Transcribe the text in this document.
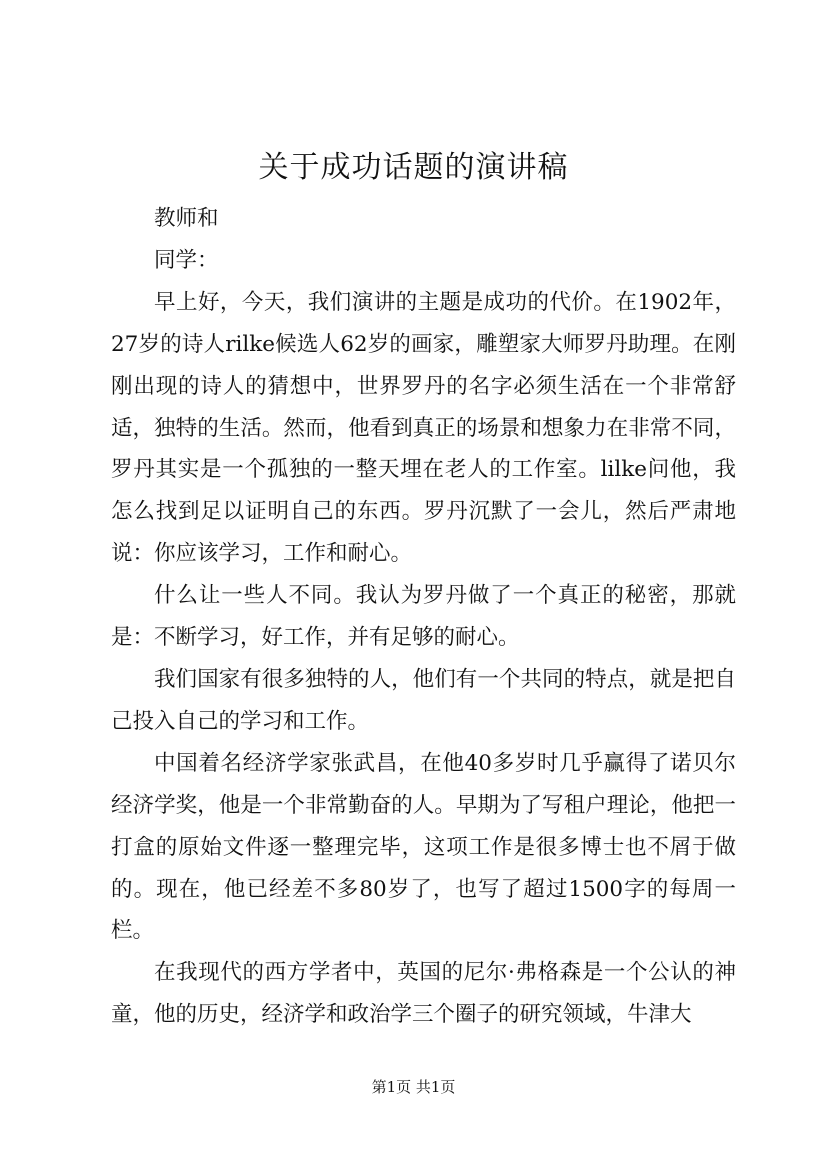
关于成功话题的演讲稿

教师和

同学：

早上好，今天，我们演讲的主题是成功的代价。在1902年，27岁的诗人rilke候选人62岁的画家，雕塑家大师罗丹助理。在刚刚出现的诗人的猜想中，世界罗丹的名字必须生活在一个非常舒适，独特的生活。然而，他看到真正的场景和想象力在非常不同，罗丹其实是一个孤独的一整天埋在老人的工作室。lilke问他，我怎么找到足以证明自己的东西。罗丹沉默了一会儿，然后严肃地说：你应该学习，工作和耐心。

什么让一些人不同。我认为罗丹做了一个真正的秘密，那就是：不断学习，好工作，并有足够的耐心。

我们国家有很多独特的人，他们有一个共同的特点，就是把自己投入自己的学习和工作。

中国着名经济学家张武昌，在他40多岁时几乎赢得了诺贝尔经济学奖，他是一个非常勤奋的人。早期为了写租户理论，他把一打盒的原始文件逐一整理完毕，这项工作是很多博士也不屑于做的。现在，他已经差不多80岁了，也写了超过1500字的每周一栏。

在我现代的西方学者中，英国的尼尔·弗格森是一个公认的神童，他的历史，经济学和政治学三个圈子的研究领域，牛津大

第1页 共1页
